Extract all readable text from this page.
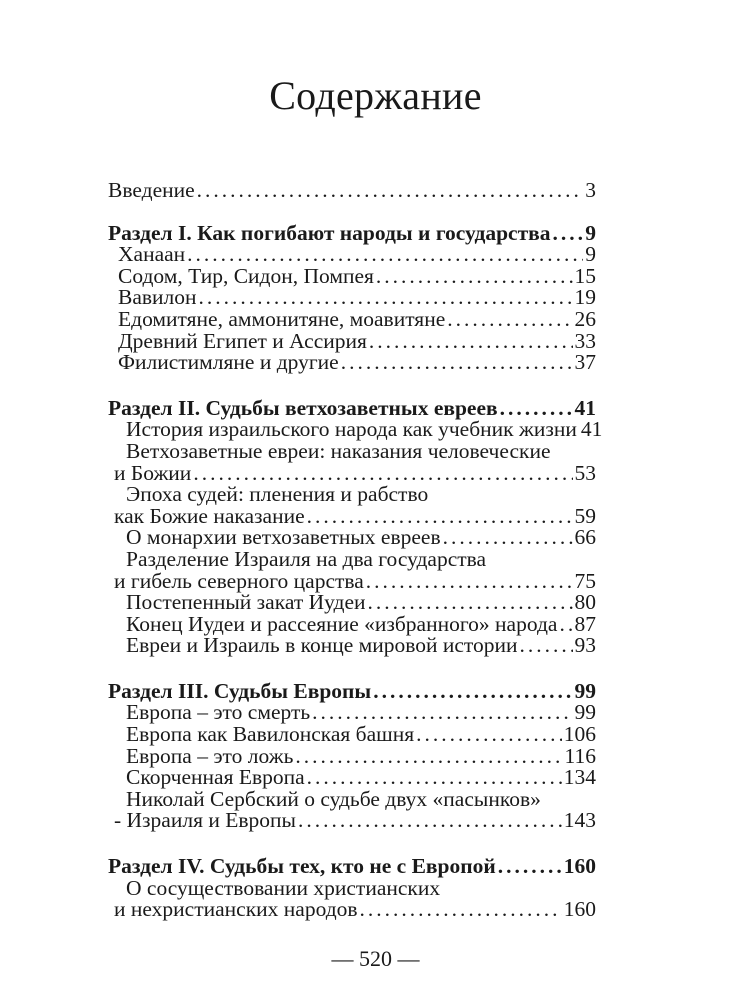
Содержание
Введение .....	3
Раздел I. Как погибают народы и государства ..... 9
Ханаан .....	9
Содом, Тир, Сидон, Помпея .....	15
Вавилон .....	19
Едомитяне, аммонитяне, моавитяне .....	26
Древний Египет и Ассирия .....	33
Филистимляне и другие .....	37
Раздел II. Судьбы ветхозаветных евреев .....	41
История израильского народа как учебник жизни 41
Ветхозаветные евреи: наказания человеческие
и Божии .....	53
Эпоха судей: пленения и рабство
как Божие наказание .....	59
О монархии ветхозаветных евреев .....	66
Разделение Израиля на два государства
и гибель северного царства .....	75
Постепенный закат Иудеи .....	80
Конец Иудеи и рассеяние «избранного» народа ..... 87
Евреи и Израиль в конце мировой истории .....	93
Раздел III. Судьбы Европы .....	99
Европа – это смерть .....	99
Европа как Вавилонская башня .....	106
Европа – это ложь .....	116
Скорченная Европа .....	134
Николай Сербский о судьбе двух «пасынков»
- Израиля и Европы .....	143
Раздел IV. Судьбы тех, кто не с Европой .....	160
О сосуществовании христианских
и нехристианских народов .....	160
— 520 —
